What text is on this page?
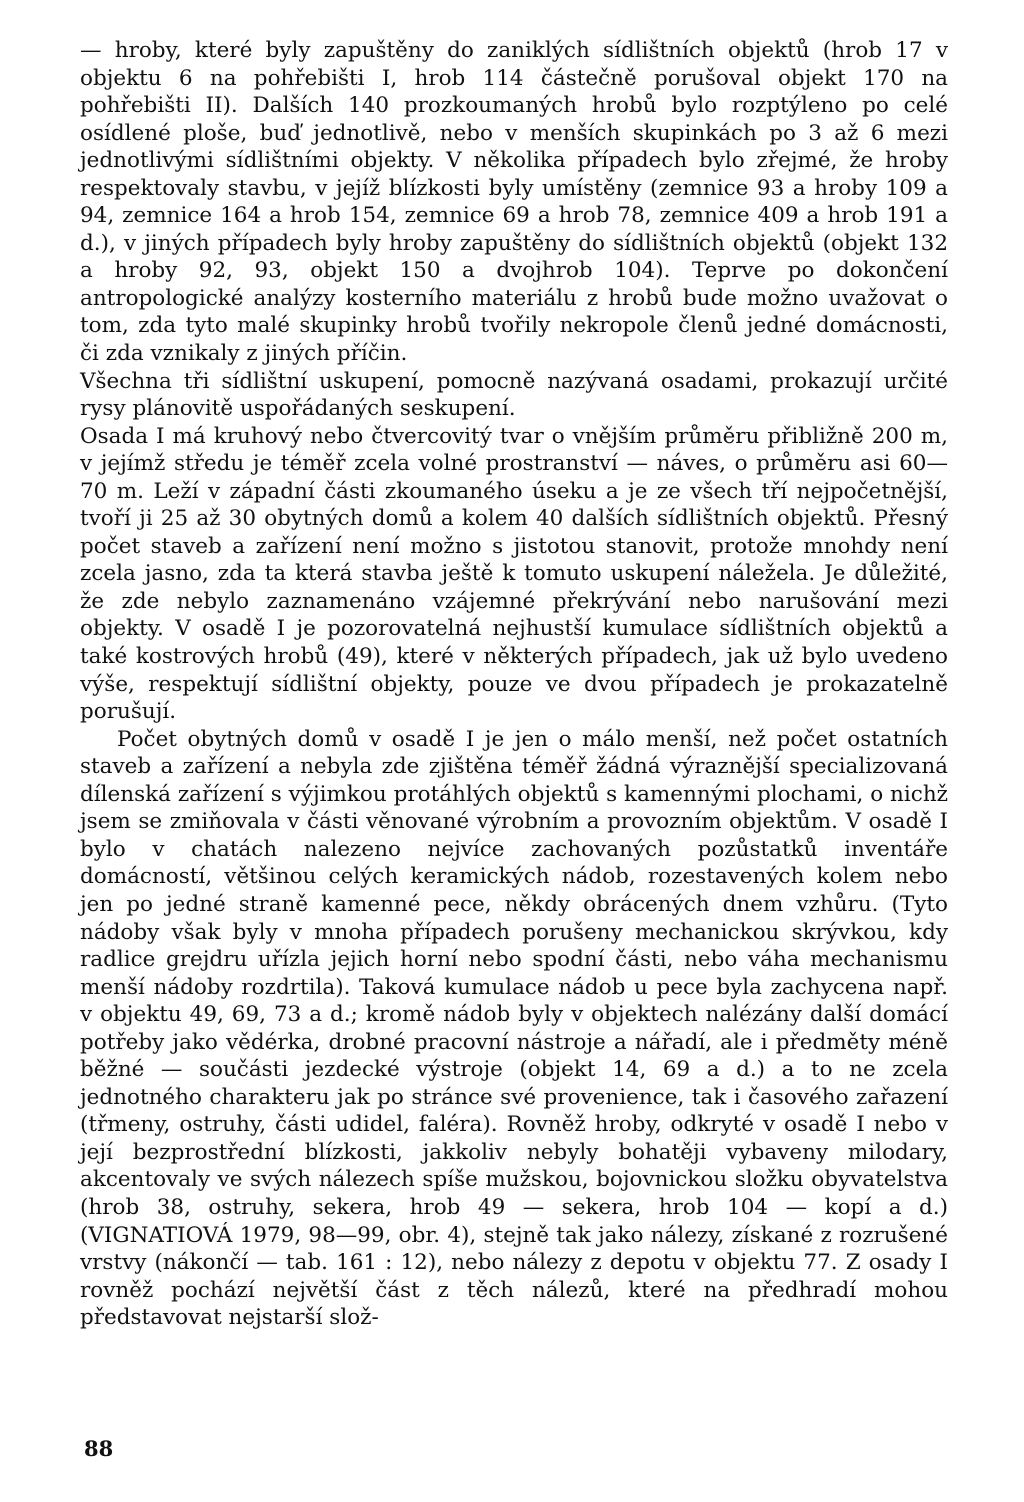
— hroby, které byly zapuštěny do zaniklých sídlištních objektů (hrob 17 v objektu 6 na pohřebišti I, hrob 114 částečně porušoval objekt 170 na pohřebišti II). Dalších 140 prozkoumaných hrobů bylo rozptýleno po celé osídlené ploše, buď jednotlivě, nebo v menších skupinkách po 3 až 6 mezi jednotlivými sídlištními objekty. V několika případech bylo zřejmé, že hroby respektovaly stavbu, v jejíž blízkosti byly umístěny (zemnice 93 a hroby 109 a 94, zemnice 164 a hrob 154, zemnice 69 a hrob 78, zemnice 409 a hrob 191 a d.), v jiných případech byly hroby zapuštěny do sídlištních objektů (objekt 132 a hroby 92, 93, objekt 150 a dvojhrob 104). Teprve po dokončení antropologické analýzy kosterního materiálu z hrobů bude možno uvažovat o tom, zda tyto malé skupinky hrobů tvořily nekropole členů jedné domácnosti, či zda vznikaly z jiných příčin.

Všechna tři sídlištní uskupení, pomocně nazývaná osadami, prokazují určité rysy plánovitě uspořádaných seskupení.

Osada I má kruhový nebo čtvercovitý tvar o vnějším průměru přibližně 200 m, v jejímž středu je téměř zcela volné prostranství — náves, o průměru asi 60—70 m. Leží v západní části zkoumaného úseku a je ze všech tří nejpočetnější, tvoří ji 25 až 30 obytných domů a kolem 40 dalších sídlištních objektů. Přesný počet staveb a zařízení není možno s jistotou stanovit, protože mnohdy není zcela jasno, zda ta která stavba ještě k tomuto uskupení náležela. Je důležité, že zde nebylo zaznamenáno vzájemné překrývání nebo narušování mezi objekty. V osadě I je pozorovatelná nejhustší kumulace sídlištních objektů a také kostrových hrobů (49), které v některých případech, jak už bylo uvedeno výše, respektují sídlištní objekty, pouze ve dvou případech je prokazatelně porušují.

Počet obytných domů v osadě I je jen o málo menší, než počet ostatních staveb a zařízení a nebyla zde zjištěna téměř žádná výraznější specializovaná dílenská zařízení s výjimkou protáhlých objektů s kamennými plochami, o nichž jsem se zmiňovala v části věnované výrobním a provozním objektům. V osadě I bylo v chatách nalezeno nejvíce zachovaných pozůstatků inventáře domácností, většinou celých keramických nádob, rozestavených kolem nebo jen po jedné straně kamenné pece, někdy obrácených dnem vzhůru. (Tyto nádoby však byly v mnoha případech porušeny mechanickou skrývkou, kdy radlice grejdru uřízla jejich horní nebo spodní části, nebo váha mechanismu menší nádoby rozdrtila). Taková kumulace nádob u pece byla zachycena např. v objektu 49, 69, 73 a d.; kromě nádob byly v objektech nalézány další domácí potřeby jako vědérka, drobné pracovní nástroje a nářadí, ale i předměty méně běžné — součásti jezdecké výstroje (objekt 14, 69 a d.) a to ne zcela jednotného charakteru jak po stránce své provenience, tak i časového zařazení (třmeny, ostruhy, části udidel, faléra). Rovněž hroby, odkryté v osadě I nebo v její bezprostřední blízkosti, jakkoliv nebyly bohatěji vybaveny milodary, akcentovaly ve svých nálezech spíše mužskou, bojovnickou složku obyvatelstva (hrob 38, ostruhy, sekera, hrob 49 — sekera, hrob 104 — kopí a d.) (VIGNATIOVÁ 1979, 98—99, obr. 4), stejně tak jako nálezy, získané z rozrušené vrstvy (nákončí — tab. 161 : 12), nebo nálezy z depotu v objektu 77. Z osady I rovněž pochází největší část z těch nálezů, které na předhradí mohou představovat nejstarší slož-

88
